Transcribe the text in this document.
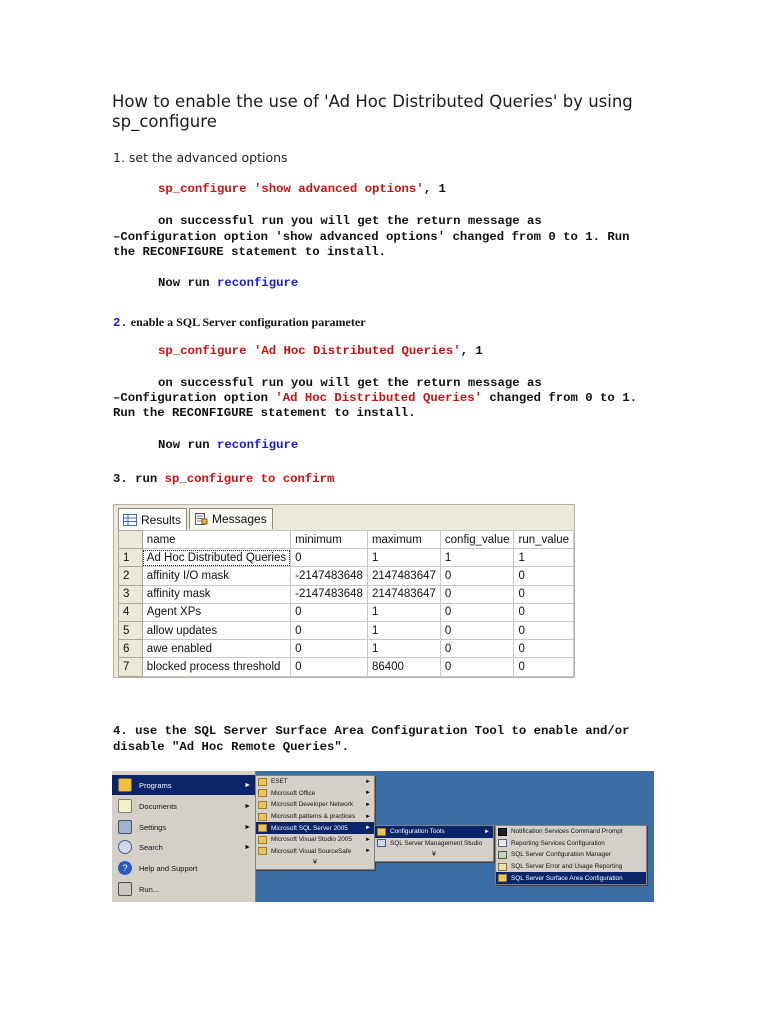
How to enable the use of 'Ad Hoc Distributed Queries' by using sp_configure
1. set the advanced options
sp_configure 'show advanced options', 1
on successful run you will get the return message as
–Configuration option 'show advanced options' changed from 0 to 1. Run
the RECONFIGURE statement to install.
Now run reconfigure
2. enable a SQL Server configuration parameter
sp_configure 'Ad Hoc Distributed Queries', 1
on successful run you will get the return message as
–Configuration option 'Ad Hoc Distributed Queries' changed from 0 to 1.
Run the RECONFIGURE statement to install.
Now run reconfigure
3. run sp_configure to confirm
Results	Messages
	name	minimum	maximum	config_value	run_value
1	Ad Hoc Distributed Queries	0	1	1	1
2	affinity I/O mask	-2147483648	2147483647	0	0
3	affinity mask	-2147483648	2147483647	0	0
4	Agent XPs	0	1	0	0
5	allow updates	0	1	0	0
6	awe enabled	0	1	0	0
7	blocked process threshold	0	86400	0	0
4. use the SQL Server Surface Area Configuration Tool to enable and/or
disable "Ad Hoc Remote Queries".
Programs	►
Documents	►
Settings	►
Search	►
?	Help and Support
Run...
ESET	►
Microsoft Office	►
Microsoft Developer Network ►
Microsoft patterns & practices ►
Microsoft SQL Server 2005	►
Microsoft Visual Studio 2005 ►
Microsoft Visual SourceSafe ►
¥
Configuration Tools	►
SQL Server Management Studio
¥
Notification Services Command Prompt
Reporting Services Configuration
SQL Server Configuration Manager
SQL Server Error and Usage Reporting
SQL Server Surface Area Configuration
